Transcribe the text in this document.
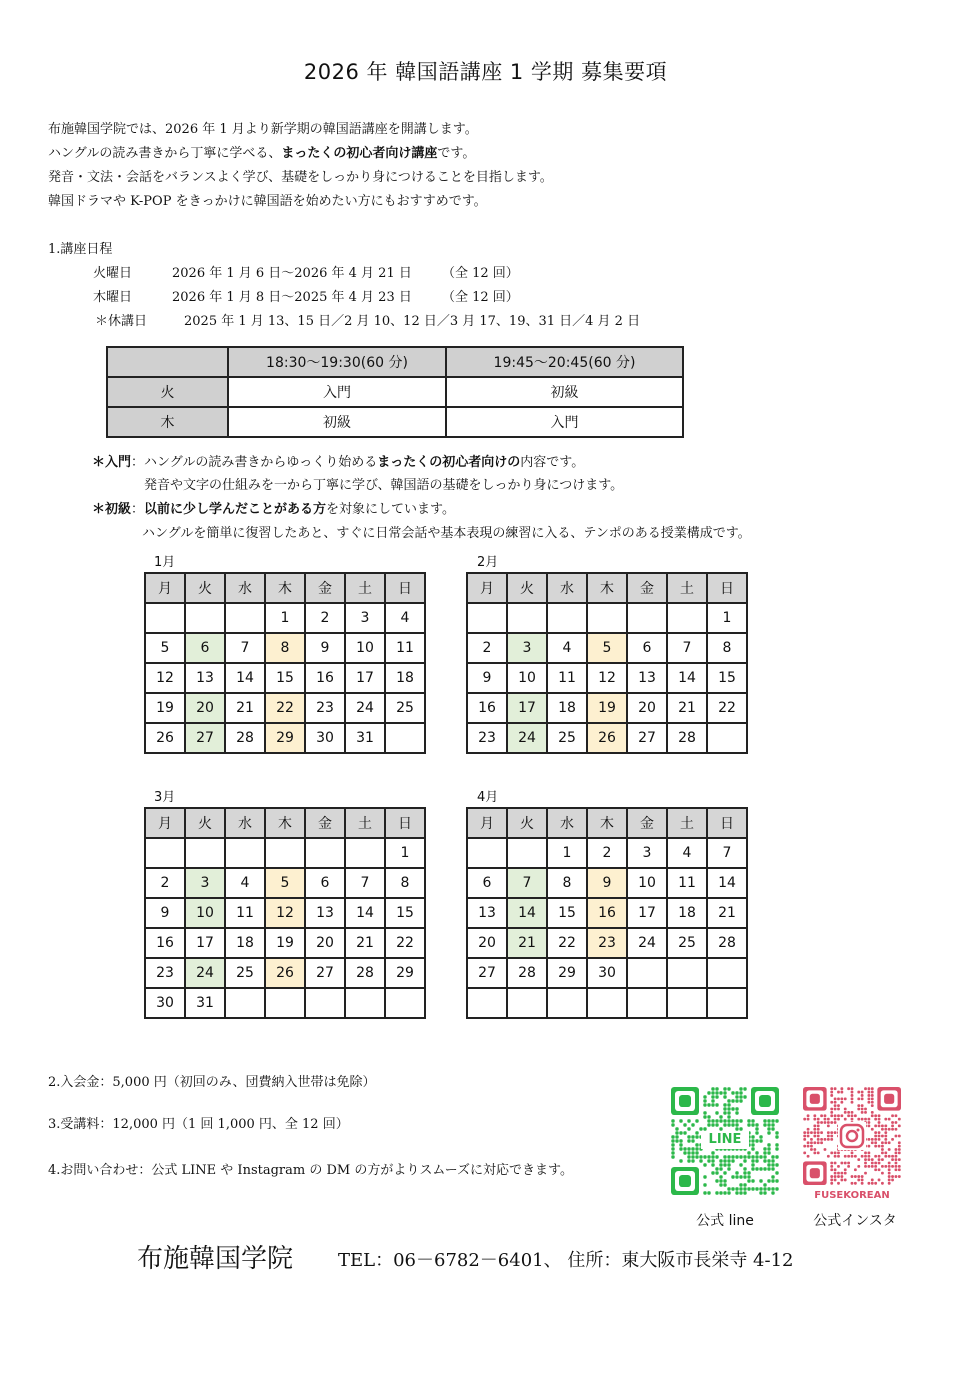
2026 年 韓国語講座 1 学期 募集要項
布施韓国学院では、2026 年 1 月より新学期の韓国語講座を開講します。
ハングルの読み書きから丁寧に学べる、まったくの初心者向け講座です。
発音・文法・会話をバランスよく学び、基礎をしっかり身につけることを目指します。
韓国ドラマや K-POP をきっかけに韓国語を始めたい方にもおすすめです。
1.講座日程
火曜日	2026 年 1 月 6 日～2026 年 4 月 21 日 （全 12 回）
木曜日	2026 年 1 月 8 日～2025 年 4 月 23 日 （全 12 回）
＊休講日	2025 年 1 月 13、15 日／2 月 10、12 日／3 月 17、19、31 日／4 月 2 日
	18:30～19:30(60 分)	19:45～20:45(60 分)
火	入門	初級
木	初級	入門
＊入門：ハングルの読み書きからゆっくり始めるまったくの初心者向けの内容です。
発音や文字の仕組みを一から丁寧に学び、韓国語の基礎をしっかり身につけます。
＊初級：以前に少し学んだことがある方を対象にしています。
ハングルを簡単に復習したあと、すぐに日常会話や基本表現の練習に入る、テンポのある授業構成です。
1月
月	火	水	木	金	土	日
			1	2	3	4
5	6	7	8	9	10	11
12	13	14	15	16	17	18
19	20	21	22	23	24	25
26	27	28	29	30	31	
2月
月	火	水	木	金	土	日
						1
2	3	4	5	6	7	8
9	10	11	12	13	14	15
16	17	18	19	20	21	22
23	24	25	26	27	28	
3月
月	火	水	木	金	土	日
						1
2	3	4	5	6	7	8
9	10	11	12	13	14	15
16	17	18	19	20	21	22
23	24	25	26	27	28	29
30	31					
4月
月	火	水	木	金	土	日
		1	2	3	4	7
6	7	8	9	10	11	14
13	14	15	16	17	18	21
20	21	22	23	24	25	28
27	28	29	30			

2.入会金：5,000 円（初回のみ、団費納入世帯は免除）
3.受講料：12,000 円（1 回 1,000 円、全 12 回）
4.お問い合わせ：公式 LINE や Instagram の DM の方がよりスムーズに対応できます。
LINE
公式 line
FUSEKOREAN
公式インスタ
布施韓国学院 TEL：06－6782－6401、 住所：東大阪市長栄寺 4-12
